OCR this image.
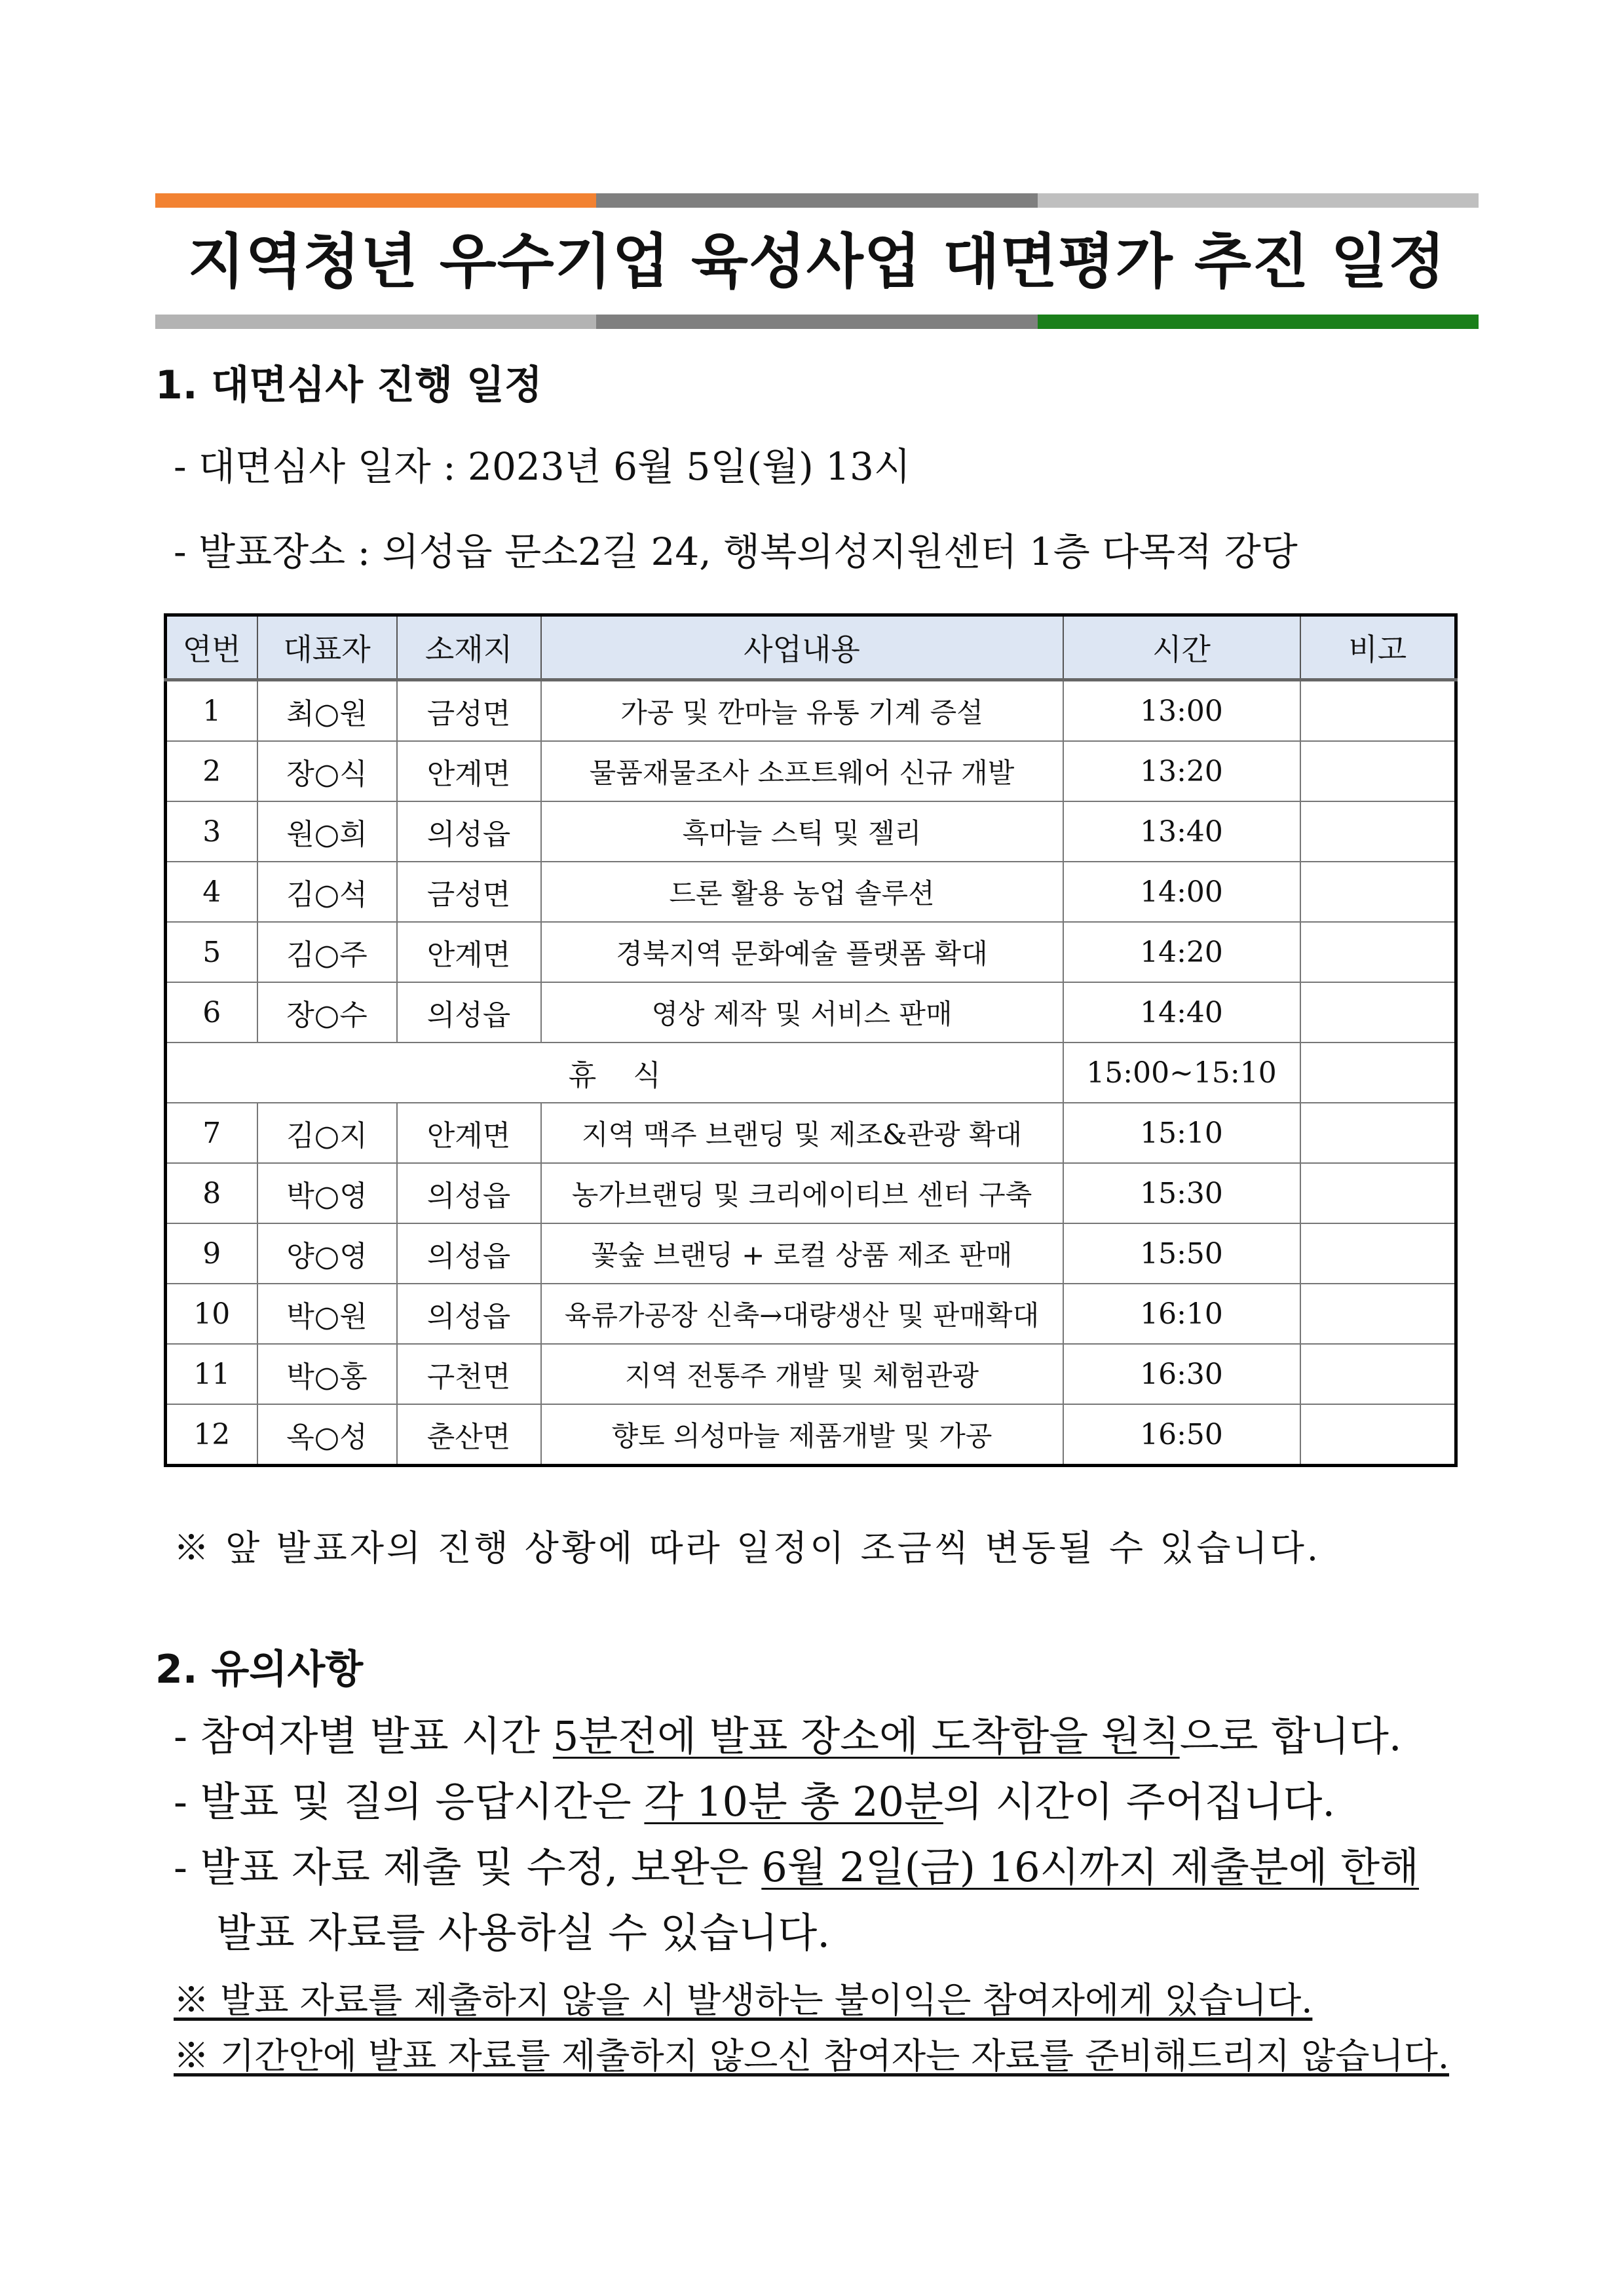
지역청년 우수기업 육성사업 대면평가 추진 일정
1. 대면심사 진행 일정
- 대면심사 일자 : 2023년 6월 5일(월) 13시
- 발표장소 : 의성읍 문소2길 24, 행복의성지원센터 1층 다목적 강당
연번	대표자	소재지	사업내용	시간	비고
1	최○원	금성면	가공 및 깐마늘 유통 기계 증설	13:00	
2	장○식	안계면	물품재물조사 소프트웨어 신규 개발	13:20	
3	원○희	의성읍	흑마늘 스틱 및 젤리	13:40	
4	김○석	금성면	드론 활용 농업 솔루션	14:00	
5	김○주	안계면	경북지역 문화예술 플랫폼 확대	14:20	
6	장○수	의성읍	영상 제작 및 서비스 판매	14:40	
휴    식				15:00~15:10	
7	김○지	안계면	지역 맥주 브랜딩 및 제조&관광 확대	15:10	
8	박○영	의성읍	농가브랜딩 및 크리에이티브 센터 구축	15:30	
9	양○영	의성읍	꽃숲 브랜딩 + 로컬 상품 제조 판매	15:50	
10	박○원	의성읍	육류가공장 신축→대량생산 및 판매확대	16:10	
11	박○홍	구천면	지역 전통주 개발 및 체험관광	16:30	
12	옥○성	춘산면	향토 의성마늘 제품개발 및 가공	16:50	
※ 앞 발표자의 진행 상황에 따라 일정이 조금씩 변동될 수 있습니다.
2. 유의사항
- 참여자별 발표 시간 5분전에 발표 장소에 도착함을 원칙으로 합니다.
- 발표 및 질의 응답시간은 각 10분 총 20분의 시간이 주어집니다.
- 발표 자료 제출 및 수정, 보완은 6월 2일(금) 16시까지 제출분에 한해
발표 자료를 사용하실 수 있습니다.
※ 발표 자료를 제출하지 않을 시 발생하는 불이익은 참여자에게 있습니다.
※ 기간안에 발표 자료를 제출하지 않으신 참여자는 자료를 준비해드리지 않습니다.
